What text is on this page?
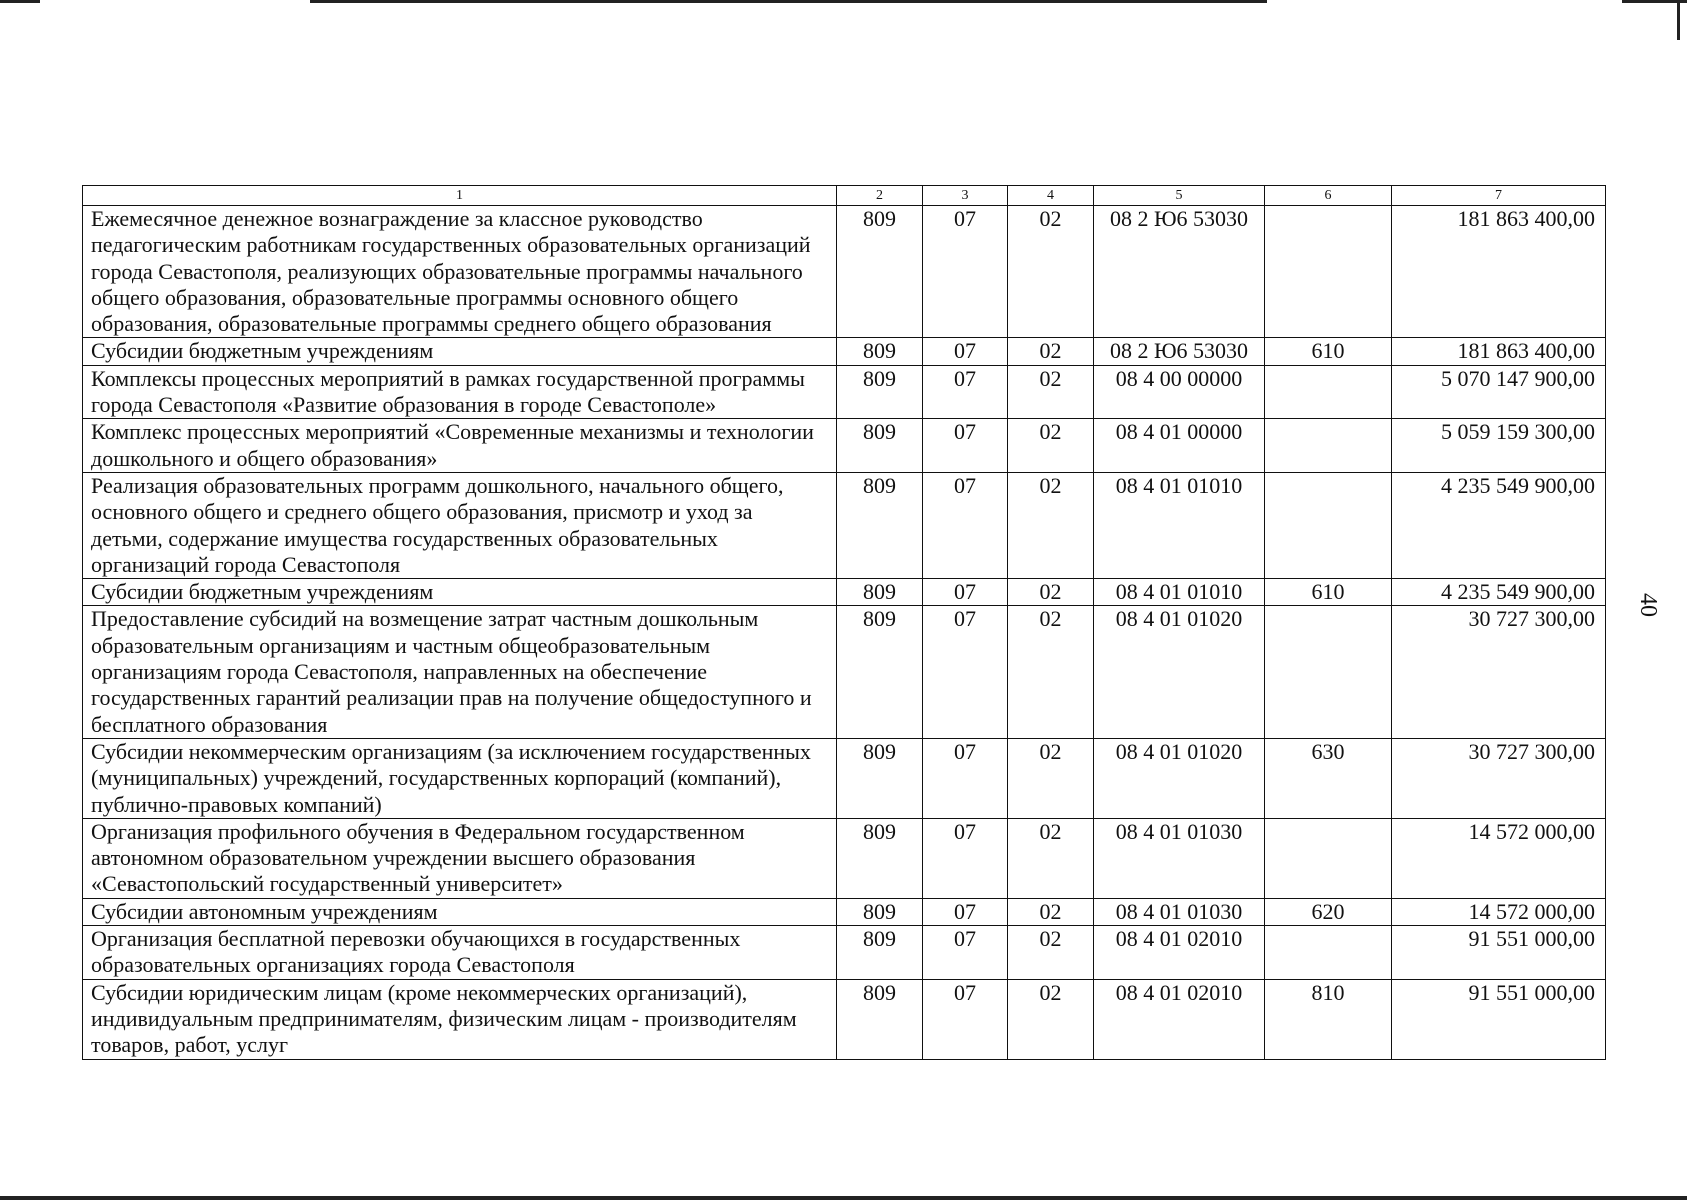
40
1	2	3	4	5	6	7
Ежемесячное денежное вознаграждение за классное руководство педагогическим работникам государственных образовательных организаций города Севастополя, реализующих образовательные программы начального общего образования, образовательные программы основного общего образования, образовательные программы среднего общего образования	809	07	02	08 2 Ю6 53030		181 863 400,00
Субсидии бюджетным учреждениям	809	07	02	08 2 Ю6 53030	610	181 863 400,00
Комплексы процессных мероприятий в рамках государственной программы города Севастополя «Развитие образования в городе Севастополе»	809	07	02	08 4 00 00000		5 070 147 900,00
Комплекс процессных мероприятий «Современные механизмы и технологии дошкольного и общего образования»	809	07	02	08 4 01 00000		5 059 159 300,00
Реализация образовательных программ дошкольного, начального общего, основного общего и среднего общего образования, присмотр и уход за детьми, содержание имущества государственных образовательных организаций города Севастополя	809	07	02	08 4 01 01010		4 235 549 900,00
Субсидии бюджетным учреждениям	809	07	02	08 4 01 01010	610	4 235 549 900,00
Предоставление субсидий на возмещение затрат частным дошкольным образовательным организациям и частным общеобразовательным организациям города Севастополя, направленных на обеспечение государственных гарантий реализации прав на получение общедоступного и бесплатного образования	809	07	02	08 4 01 01020		30 727 300,00
Субсидии некоммерческим организациям (за исключением государственных (муниципальных) учреждений, государственных корпораций (компаний), публично-правовых компаний)	809	07	02	08 4 01 01020	630	30 727 300,00
Организация профильного обучения в Федеральном государственном автономном образовательном учреждении высшего образования «Севастопольский государственный университет»	809	07	02	08 4 01 01030		14 572 000,00
Субсидии автономным учреждениям	809	07	02	08 4 01 01030	620	14 572 000,00
Организация бесплатной перевозки обучающихся в государственных образовательных организациях города Севастополя	809	07	02	08 4 01 02010		91 551 000,00
Субсидии юридическим лицам (кроме некоммерческих организаций), индивидуальным предпринимателям, физическим лицам - производителям товаров, работ, услуг	809	07	02	08 4 01 02010	810	91 551 000,00
